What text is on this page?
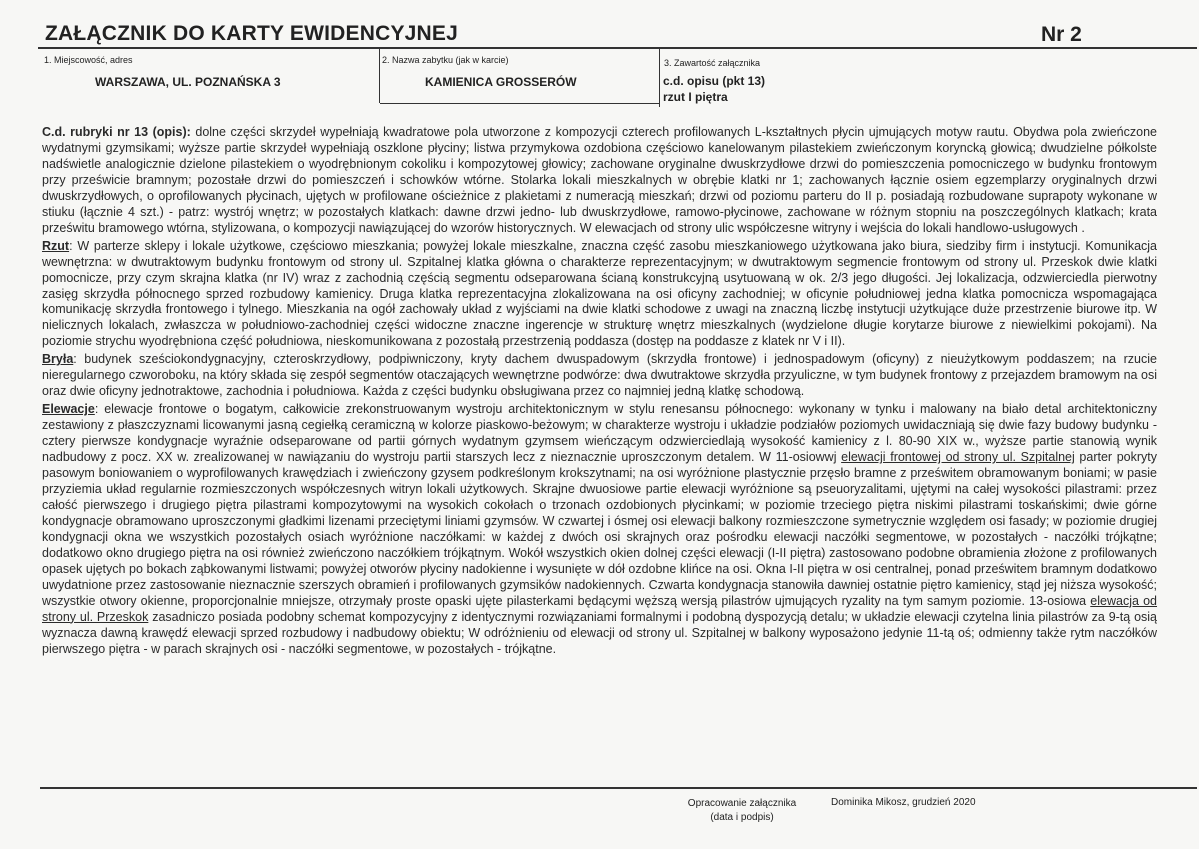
ZAŁĄCZNIK DO KARTY EWIDENCYJNEJ	Nr 2
1. Miejscowość, adres
WARSZAWA, UL. POZNAŃSKA 3
2. Nazwa zabytku (jak w karcie)
KAMIENICA GROSSERÓW
3. Zawartość załącznika
c.d. opisu (pkt 13)
rzut I piętra

C.d. rubryki nr 13 (opis): dolne części skrzydeł wypełniają kwadratowe pola utworzone z kompozycji czterech profilowanych L-kształtnych płycin ujmujących motyw rautu. Obydwa pola zwieńczone wydatnymi gzymsikami; wyższe partie skrzydeł wypełniają oszklone płyciny; listwa przymykowa ozdobiona częściowo kanelowanym pilastekiem zwieńczonym koryncką głowicą; dwudzielne półkolste nadświetle analogicznie dzielone pilastekiem o wyodrębnionym cokoliku i kompozytowej głowicy; zachowane oryginalne dwuskrzydłowe drzwi do pomieszczenia pomocniczego w budynku frontowym przy prześwicie bramnym; pozostałe drzwi do pomieszczeń i schowków wtórne. Stolarka lokali mieszkalnych w obrębie klatki nr 1; zachowanych łącznie osiem egzemplarzy oryginalnych drzwi dwuskrzydłowych, o oprofilowanych płycinach, ujętych w profilowane ościeżnice z plakietami z numeracją mieszkań; drzwi od poziomu parteru do II p. posiadają rozbudowane suprapoty wykonane w stiuku (łącznie 4 szt.) - patrz: wystrój wnętrz; w pozostałych klatkach: dawne drzwi jedno- lub dwuskrzydłowe, ramowo-płycinowe, zachowane w różnym stopniu na poszczególnych klatkach; krata prześwitu bramowego wtórna, stylizowana, o kompozycji nawiązującej do wzorów historycznych. W elewacjach od strony ulic współczesne witryny i wejścia do lokali handlowo-usługowych .

Rzut: W parterze sklepy i lokale użytkowe, częściowo mieszkania; powyżej lokale mieszkalne, znaczna część zasobu mieszkaniowego użytkowana jako biura, siedziby firm i instytucji. Komunikacja wewnętrzna: w dwutraktowym budynku frontowym od strony ul. Szpitalnej klatka główna o charakterze reprezentacyjnym; w dwutraktowym segmencie frontowym od strony ul. Przeskok dwie klatki pomocnicze, przy czym skrajna klatka (nr IV) wraz z zachodnią częścią segmentu odseparowana ścianą konstrukcyjną usytuowaną w ok. 2/3 jego długości. Jej lokalizacja, odzwierciedla pierwotny zasięg skrzydła północnego sprzed rozbudowy kamienicy. Druga klatka reprezentacyjna zlokalizowana na osi oficyny zachodniej; w oficynie południowej jedna klatka pomocnicza wspomagająca komunikację skrzydła frontowego i tylnego. Mieszkania na ogół zachowały układ z wyjściami na dwie klatki schodowe z uwagi na znaczną liczbę instytucji użytkujące duże przestrzenie biurowe itp. W nielicznych lokalach, zwłaszcza w południowo-zachodniej części widoczne znaczne ingerencje w strukturę wnętrz mieszkalnych (wydzielone długie korytarze biurowe z niewielkimi pokojami). Na poziomie strychu wyodrębniona część południowa, nieskomunikowana z pozostałą przestrzenią poddasza (dostęp na poddasze z klatek nr V i II).

Bryła: budynek sześciokondygnacyjny, czteroskrzydłowy, podpiwniczony, kryty dachem dwuspadowym (skrzydła frontowe) i jednospadowym (oficyny) z nieużytkowym poddaszem; na rzucie nieregularnego czworoboku, na który składa się zespół segmentów otaczających wewnętrzne podwórze: dwa dwutraktowe skrzydła przyuliczne, w tym budynek frontowy z przejazdem bramowym na osi oraz dwie oficyny jednotraktowe, zachodnia i południowa. Każda z części budynku obsługiwana przez co najmniej jedną klatkę schodową.

Elewacje: elewacje frontowe o bogatym, całkowicie zrekonstruowanym wystroju architektonicznym w stylu renesansu północnego: wykonany w tynku i malowany na biało detal architektoniczny zestawiony z płaszczyznami licowanymi jasną cegiełką ceramiczną w kolorze piaskowo-beżowym; w charakterze wystroju i układzie podziałów poziomych uwidaczniają się dwie fazy budowy budynku - cztery pierwsze kondygnacje wyraźnie odseparowane od partii górnych wydatnym gzymsem wieńczącym odzwierciedlają wysokość kamienicy z l. 80-90 XIX w., wyższe partie stanowią wynik nadbudowy z pocz. XX w. zrealizowanej w nawiązaniu do wystroju partii starszych lecz z nieznacznie uproszczonym detalem. W 11-osiowwj elewacji frontowej od strony ul. Szpitalnej parter pokryty pasowym boniowaniem o wyprofilowanych krawędziach i zwieńczony gzysem podkreślonym krokszytnami; na osi wyróżnione plastycznie przęsło bramne z prześwitem obramowanym boniami; w pasie przyziemia układ regularnie rozmieszczonych współczesnych witryn lokali użytkowych. Skrajne dwuosiowe partie elewacji wyróżnione są pseuoryzalitami, ujętymi na całej wysokości pilastrami: przez całość pierwszego i drugiego piętra pilastrami kompozytowymi na wysokich cokołach o trzonach ozdobionych płycinkami; w poziomie trzeciego piętra niskimi pilastrami toskańskimi; dwie górne kondygnacje obramowano uproszczonymi gładkimi lizenami przeciętymi liniami gzymsów. W czwartej i ósmej osi elewacji balkony rozmieszczone symetrycznie względem osi fasady; w poziomie drugiej kondygnacji okna we wszystkich pozostałych osiach wyróżnione naczółkami: w każdej z dwóch osi skrajnych oraz pośrodku elewacji naczółki segmentowe, w pozostałych - naczółki trójkątne; dodatkowo okno drugiego piętra na osi również zwieńczono naczółkiem trójkątnym. Wokół wszystkich okien dolnej części elewacji (I-II piętra) zastosowano podobne obramienia złożone z profilowanych opasek ujętych po bokach ząbkowanymi listwami; powyżej otworów płyciny nadokienne i wysunięte w dół ozdobne klińce na osi. Okna I-II piętra w osi centralnej, ponad prześwitem bramnym dodatkowo uwydatnione przez zastosowanie nieznacznie szerszych obramień i profilowanych gzymsików nadokiennych. Czwarta kondygnacja stanowiła dawniej ostatnie piętro kamienicy, stąd jej niższa wysokość; wszystkie otwory okienne, proporcjonalnie mniejsze, otrzymały proste opaski ujęte pilasterkami będącymi węższą wersją pilastrów ujmujących ryzality na tym samym poziomie. 13-osiowa elewacja od strony ul. Przeskok zasadniczo posiada podobny schemat kompozycyjny z identycznymi rozwiązaniami formalnymi i podobną dyspozycją detalu; w układzie elewacji czytelna linia pilastrów za 9-tą osią wyznacza dawną krawędź elewacji sprzed rozbudowy i nadbudowy obiektu; W odróżnieniu od elewacji od strony ul. Szpitalnej w balkony wyposażono jedynie 11-tą oś; odmienny także rytm naczółków pierwszego piętra - w parach skrajnych osi - naczółki segmentowe, w pozostałych - trójkątne.

Opracowanie załącznika
(data i podpis)
Dominika Mikosz, grudzień 2020
